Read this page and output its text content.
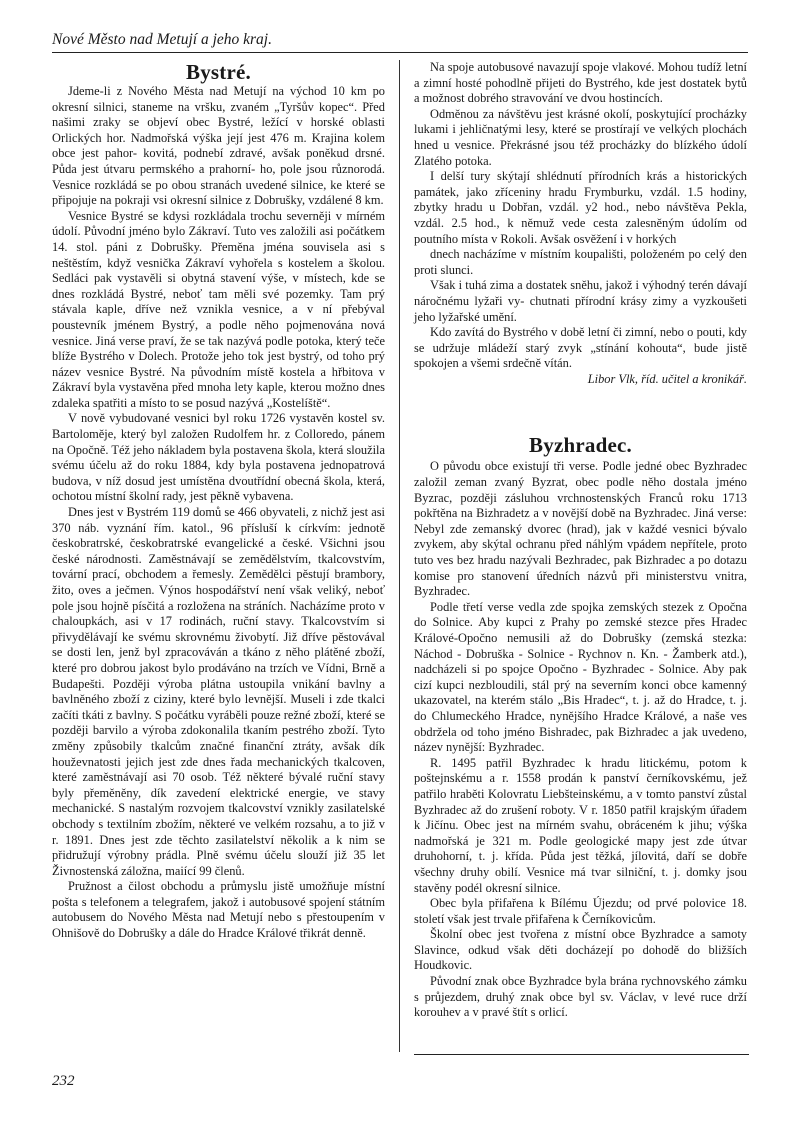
Nové Město nad Metují a jeho kraj.
Bystré.

Jdeme-li z Nového Města nad Metují na východ 10 km po okresní silnici, staneme na vršku, zvaném „Tyršův kopec“. Před našimi zraky se objeví obec Bystré, ležící v horské oblasti Orlických hor. Nadmořská výška její jest 476 m. Krajina kolem obce jest pahor- kovitá, podnebí zdravé, avšak poněkud drsné. Půda jest útvaru permského a prahorní- ho, pole jsou různorodá. Vesnice rozkládá se po obou stranách uvedené silnice, ke které se připojuje na pokraji vsi okresní silnice z Dobrušky, vzdálené 8 km.

Vesnice Bystré se kdysi rozkládala trochu severněji v mírném údolí. Původní jméno bylo Zákraví. Tuto ves založili asi počátkem 14. stol. páni z Dobrušky. Přeměna jména souvisela asi s neštěstím, když vesnička Zákraví vyhořela s kostelem a školou. Sedláci pak vystavěli si obytná stavení výše, v místech, kde se dnes rozkládá Bystré, neboť tam měli své pozemky. Tam prý stávala kaple, dříve než vznikla vesnice, a v ní přebýval poustevník jménem Bystrý, a podle něho pojmenována nová vesnice. Jiná verse praví, že se tak nazývá podle potoka, který teče blíže Bystrého v Dolech. Protože jeho tok jest bystrý, od toho prý název vesnice Bystré. Na původním místě kostela a hřbitova v Zákraví byla vystavěna před mnoha lety kaple, kterou možno dnes zdaleka spatřiti a místo to se posud nazývá „Kostelíště“.

V nově vybudované vesnici byl roku 1726 vystavěn kostel sv. Bartoloměje, který byl založen Rudolfem hr. z Colloredo, pánem na Opočně. Též jeho nákladem byla postavena škola, která sloužila svému účelu až do roku 1884, kdy byla postavena jednopatrová budova, v níž dosud jest umístěna dvoutřídní obecná škola, která, ochotou místní školní rady, jest pěkně vybavena.

Dnes jest v Bystrém 119 domů se 466 obyvateli, z nichž jest asi 370 náb. vyznání řím. katol., 96 přísluší k církvím: jednotě českobratrské, českobratrské evangelické a české. Všichni jsou české národnosti. Zaměstnávají se zemědělstvím, tkalcovstvím, tovární prací, obchodem a řemesly. Zemědělci pěstují brambory, žito, oves a ječmen. Výnos hospodářství není však veliký, neboť pole jsou hojně písčitá a rozložena na stráních. Nacházíme proto v chaloupkách, asi v 17 rodinách, ruční stavy. Tkalcovstvím si přivydělávají ke svému skrovnému živobytí. Již dříve pěstovával se dosti len, jenž byl zpracováván a tkáno z něho plátěné zboží, které pro dobrou jakost bylo prodáváno na trzích ve Vídni, Brně a Budapešti. Později výroba plátna ustoupila vnikání bavlny a bavlněného zboží z ciziny, které bylo levnější. Museli i zde tkalci začíti tkáti z bavlny. S počátku vyráběli pouze režné zboží, které se později barvilo a výroba zdokonalila tkaním pestrého zboží. Tyto změny způsobily tkalcům značné finanční ztráty, avšak dík houževnatosti jejich jest zde dnes řada mechanických tkalcoven, které zaměstnávají asi 70 osob. Též některé bývalé ruční stavy byly přeměněny, dík zavedení elektrické energie, ve stavy mechanické. S nastalým rozvojem tkalcovství vznikly zasilatelské obchody s textilním zbožím, některé ve velkém rozsahu, a to již v r. 1891. Dnes jest zde těchto zasilatelství několik a k nim se přidružují výrobny prádla. Plně svému účelu slouží již 35 let Živnostenská záložna, maiící 99 členů.

Pružnost a čilost obchodu a průmyslu jistě umožňuje místní pošta s telefonem a telegrafem, jakož i autobusové spojení státním autobusem do Nového Města nad Metují nebo s přestoupením v Ohnišově do Dobrušky a dále do Hradce Králové třikrát denně.

Na spoje autobusové navazují spoje vlakové. Mohou tudíž letní a zimní hosté pohodlně přijeti do Bystrého, kde jest dostatek bytů a možnost dobrého stravování ve dvou hostincích.

Odměnou za návštěvu jest krásné okolí, poskytující procházky lukami i jehličnatými lesy, které se prostírají ve velkých plochách hned u vesnice. Překrásné jsou též procházky do blízkého údolí Zlatého potoka.

I delší tury skýtají shlédnutí přírodních krás a historických památek, jako zříceniny hradu Frymburku, vzdál. 1.5 hodiny, zbytky hradu u Dobřan, vzdál. y2 hod., nebo návštěva Pekla, vzdál. 2.5 hod., k němuž vede cesta zalesněným údolím od poutního místa v Rokoli. Avšak osvěžení i v horkých

dnech nacházíme v místním koupališti, položeném po celý den proti slunci.

Však i tuhá zima a dostatek sněhu, jakož i výhodný terén dávají náročnému lyžaři vy- chutnati přírodní krásy zimy a vyzkoušeti jeho lyžařské umění.

Kdo zavítá do Bystrého v době letní či zimní, nebo o pouti, kdy se udržuje mládeží starý zvyk „stínání kohouta“, bude jistě spokojen a všemi srdečně vítán.

Libor Vlk, říd. učitel a kronikář.

Byzhradec.

O původu obce existují tři verse. Podle jedné obec Byzhradec založil zeman zvaný Byzrat, obec podle něho dostala jméno Byzrac, později zásluhou vrchnostenských Franců roku 1713 pokřtěna na Bizhradetz a v novější době na Byzhradec. Jiná verse: Nebyl zde zemanský dvorec (hrad), jak v každé vesnici bývalo zvykem, aby skýtal ochranu před náhlým vpádem nepřítele, proto tuto ves bez hradu nazývali Bezhradec, pak Bizhradec a po dotazu komise pro stanovení úředních názvů při ministerstvu vnitra, Byzhradec.

Podle třetí verse vedla zde spojka zemských stezek z Opočna do Solnice. Aby kupci z Prahy po zemské stezce přes Hradec Králové-Opočno nemusili až do Dobrušky (zemská stezka: Náchod - Dobruška - Solnice - Rychnov n. Kn. - Žamberk atd.), nadcházeli si po spojce Opočno - Byzhradec - Solnice. Aby pak cizí kupci nezbloudili, stál prý na severním konci obce kamenný ukazovatel, na kterém stálo „Bis Hradec“, t. j. až do Hradce, t. j. do Chlumeckého Hradce, nynějšího Hradce Králové, a naše ves obdržela od toho jméno Bishradec, pak Bizhradec a jak uvedeno, název nynější: Byzhradec.

R. 1495 patřil Byzhradec k hradu litickému, potom k poštejnskému a r. 1558 prodán k panství černíkovskému, jež patřilo hraběti Kolovratu Liebšteinskému, a v tomto panství zůstal Byzhradec až do zrušení roboty. V r. 1850 patřil krajským úřadem k Jičínu. Obec jest na mírném svahu, obráceném k jihu; výška nadmořská je 321 m. Podle geologické mapy jest zde útvar druhohorní, t. j. křída. Půda jest těžká, jílovitá, daří se dobře všechny druhy obilí. Vesnice má tvar silniční, t. j. domky jsou stavěny podél okresní silnice.

Obec byla přifařena k Bílému Újezdu; od prvé polovice 18. století však jest trvale přifařena k Černíkovicům.

Školní obec jest tvořena z místní obce Byzhradce a samoty Slavince, odkud však děti docházejí po dohodě do bližších Houdkovic.

Původní znak obce Byzhradce byla brána rychnovského zámku s průjezdem, druhý znak obce byl sv. Václav, v levé ruce drží korouhev a v pravé štít s orlicí.

232
